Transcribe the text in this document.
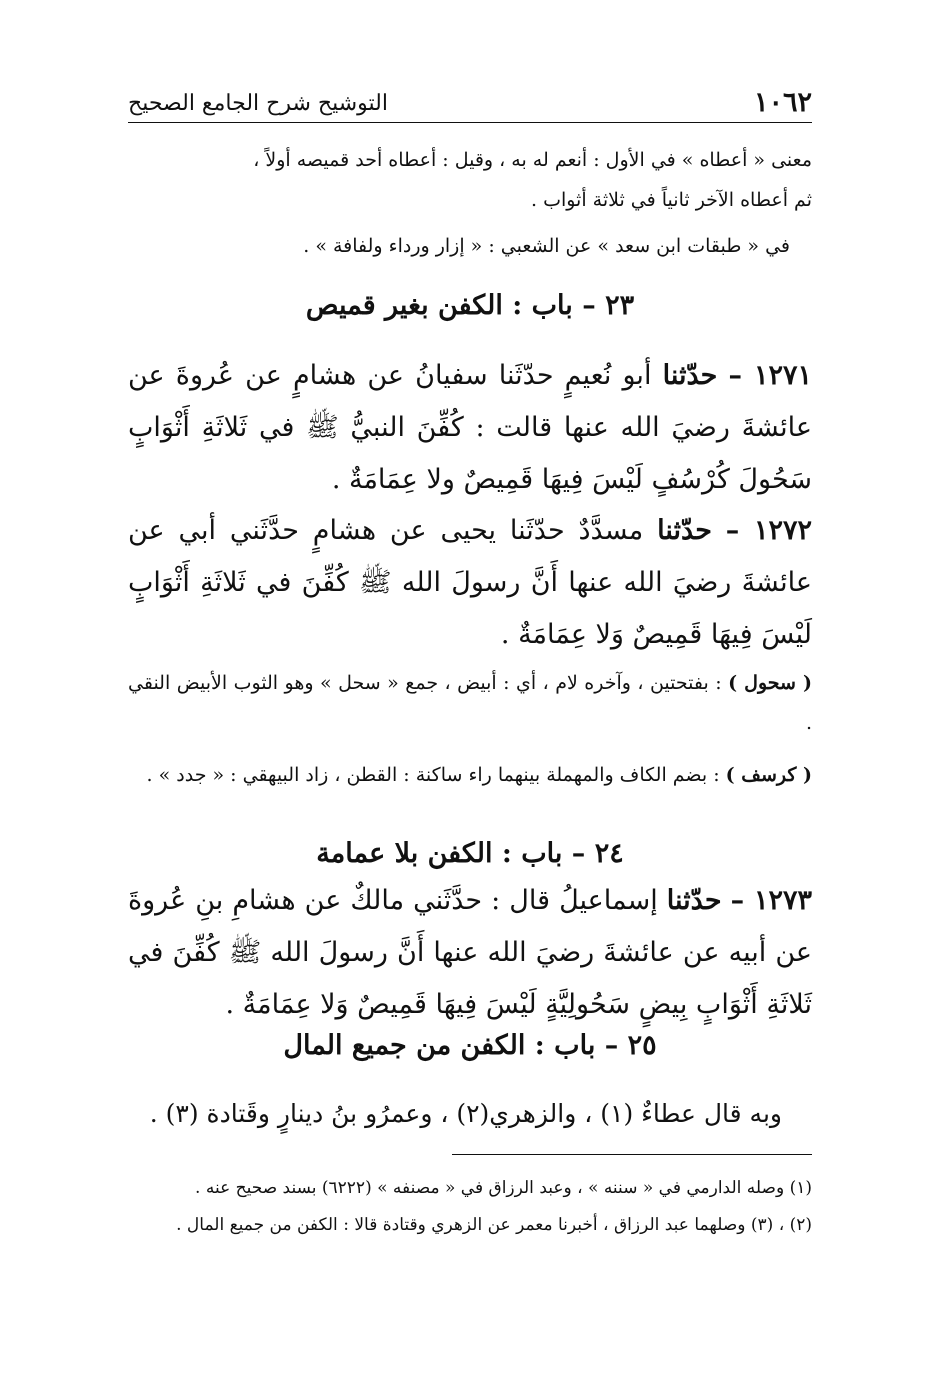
التوشيح شرح الجامع الصحيح	١٠٦٢
معنى « أعطاه » في الأول : أنعم له به ، وقيل : أعطاه أحد قميصه أولاً ،
ثم أعطاه الآخر ثانياً في ثلاثة أثواب .
في « طبقات ابن سعد » عن الشعبي : « إزار ورداء ولفافة » .
٢٣ – باب : الكفن بغير قميص
١٢٧١ – حدّثنا أبو نُعيمٍ حدّثَنا سفيانُ عن هشامٍ عن عُروةَ عن عائشةَ رضيَ الله عنها قالت : كُفِّنَ النبيُّ ﷺ في ثَلاثَةِ أَثْوَابٍ سَحُولَ كُرْسُفٍ لَيْسَ فِيهَا قَمِيصٌ ولا عِمَامَةٌ .
١٢٧٢ – حدّثنا مسدَّدٌ حدّثَنا يحيى عن هشامٍ حدَّثَني أبي عن عائشةَ رضيَ الله عنها أَنَّ رسولَ الله ﷺ كُفِّنَ في ثَلاثَةِ أَثْوَابٍ لَيْسَ فِيهَا قَمِيصٌ وَلا عِمَامَةٌ .
( سحول ) : بفتحتين ، وآخره لام ، أي : أبيض ، جمع « سحل » وهو الثوب الأبيض النقي .
( كرسف ) : بضم الكاف والمهملة بينهما راء ساكنة : القطن ، زاد البيهقي : « جدد » .
٢٤ – باب : الكفن بلا عمامة
١٢٧٣ – حدّثنا إسماعيلُ قال : حدَّثَني مالكٌ عن هشامِ بنِ عُروةَ عن أبيه عن عائشةَ رضيَ الله عنها أَنَّ رسولَ الله ﷺ كُفِّنَ في ثَلاثَةِ أَثْوَابٍ بِيضٍ سَحُولِيَّةٍ لَيْسَ فِيهَا قَمِيصٌ وَلا عِمَامَةٌ .
٢٥ – باب : الكفن من جميع المال
وبه قال عطاءٌ (١) ، والزهري(٢) ، وعمرُو بنُ دينارٍ وقَتادة (٣) .
(١) وصله الدارمي في « سننه » ، وعبد الرزاق في « مصنفه » (٦٢٢٢) بسند صحيح عنه .
(٢) ، (٣) وصلهما عبد الرزاق ، أخبرنا معمر عن الزهري وقتادة قالا : الكفن من جميع المال .
